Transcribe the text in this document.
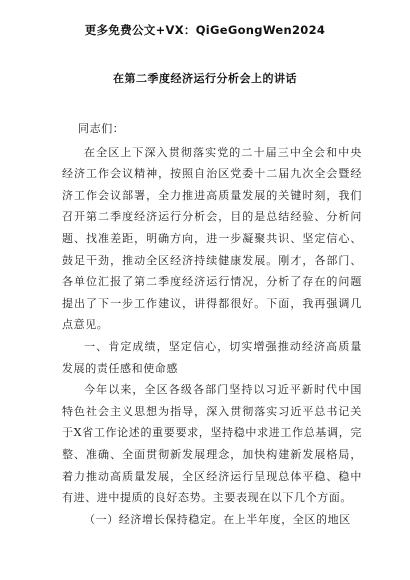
更多免费公文+VX：QiGeGongWen2024
在第二季度经济运行分析会上的讲话

同志们：

在全区上下深入贯彻落实党的二十届三中全会和中央经济工作会议精神，按照自治区党委十二届九次全会暨经济工作会议部署，全力推进高质量发展的关键时刻，我们召开第二季度经济运行分析会，目的是总结经验、分析问题、找准差距，明确方向，进一步凝聚共识、坚定信心、鼓足干劲，推动全区经济持续健康发展。刚才，各部门、各单位汇报了第二季度经济运行情况，分析了存在的问题提出了下一步工作建议，讲得都很好。下面，我再强调几点意见。

一、肯定成绩，坚定信心，切实增强推动经济高质量发展的责任感和使命感

今年以来，全区各级各部门坚持以习近平新时代中国特色社会主义思想为指导，深入贯彻落实习近平总书记关于X省工作论述的重要要求，坚持稳中求进工作总基调，完整、准确、全面贯彻新发展理念，加快构建新发展格局，着力推动高质量发展，全区经济运行呈现总体平稳、稳中有进、进中提质的良好态势。主要表现在以下几个方面。

（一）经济增长保持稳定。在上半年度，全区的地区
